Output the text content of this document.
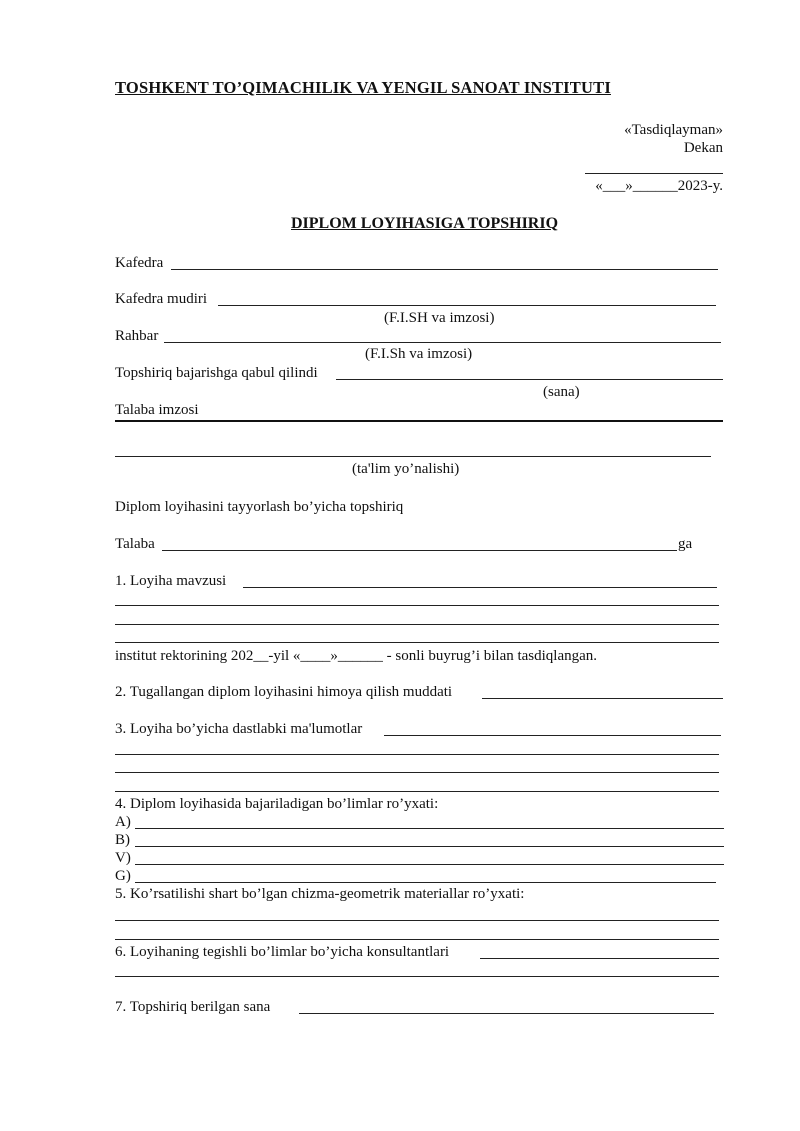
TOSHKENT TO’QIMACHILIK VA YENGIL SANOAT INSTITUTI
«Tasdiqlayman»
Dekan
«___»______2023-y.
DIPLOM LOYIHASIGA TOPSHIRIQ
Kafedra
Kafedra mudiri
(F.I.SH va imzosi)
Rahbar
(F.I.Sh va imzosi)
Topshiriq bajarishga qabul qilindi
(sana)
Talaba imzosi
(ta'lim yo’nalishi)
Diplom loyihasini tayyorlash bo’yicha topshiriq
Talaba	ga
1. Loyiha mavzusi
institut rektorining 202__-yil «____»______ - sonli buyrug’i bilan tasdiqlangan.
2. Tugallangan diplom loyihasini himoya qilish muddati
3. Loyiha bo’yicha dastlabki ma'lumotlar
4. Diplom loyihasida bajariladigan bo’limlar ro’yxati:
A)
B)
V)
G)
5. Ko’rsatilishi shart bo’lgan chizma-geometrik materiallar ro’yxati:
6. Loyihaning tegishli bo’limlar bo’yicha konsultantlari
7. Topshiriq berilgan sana
